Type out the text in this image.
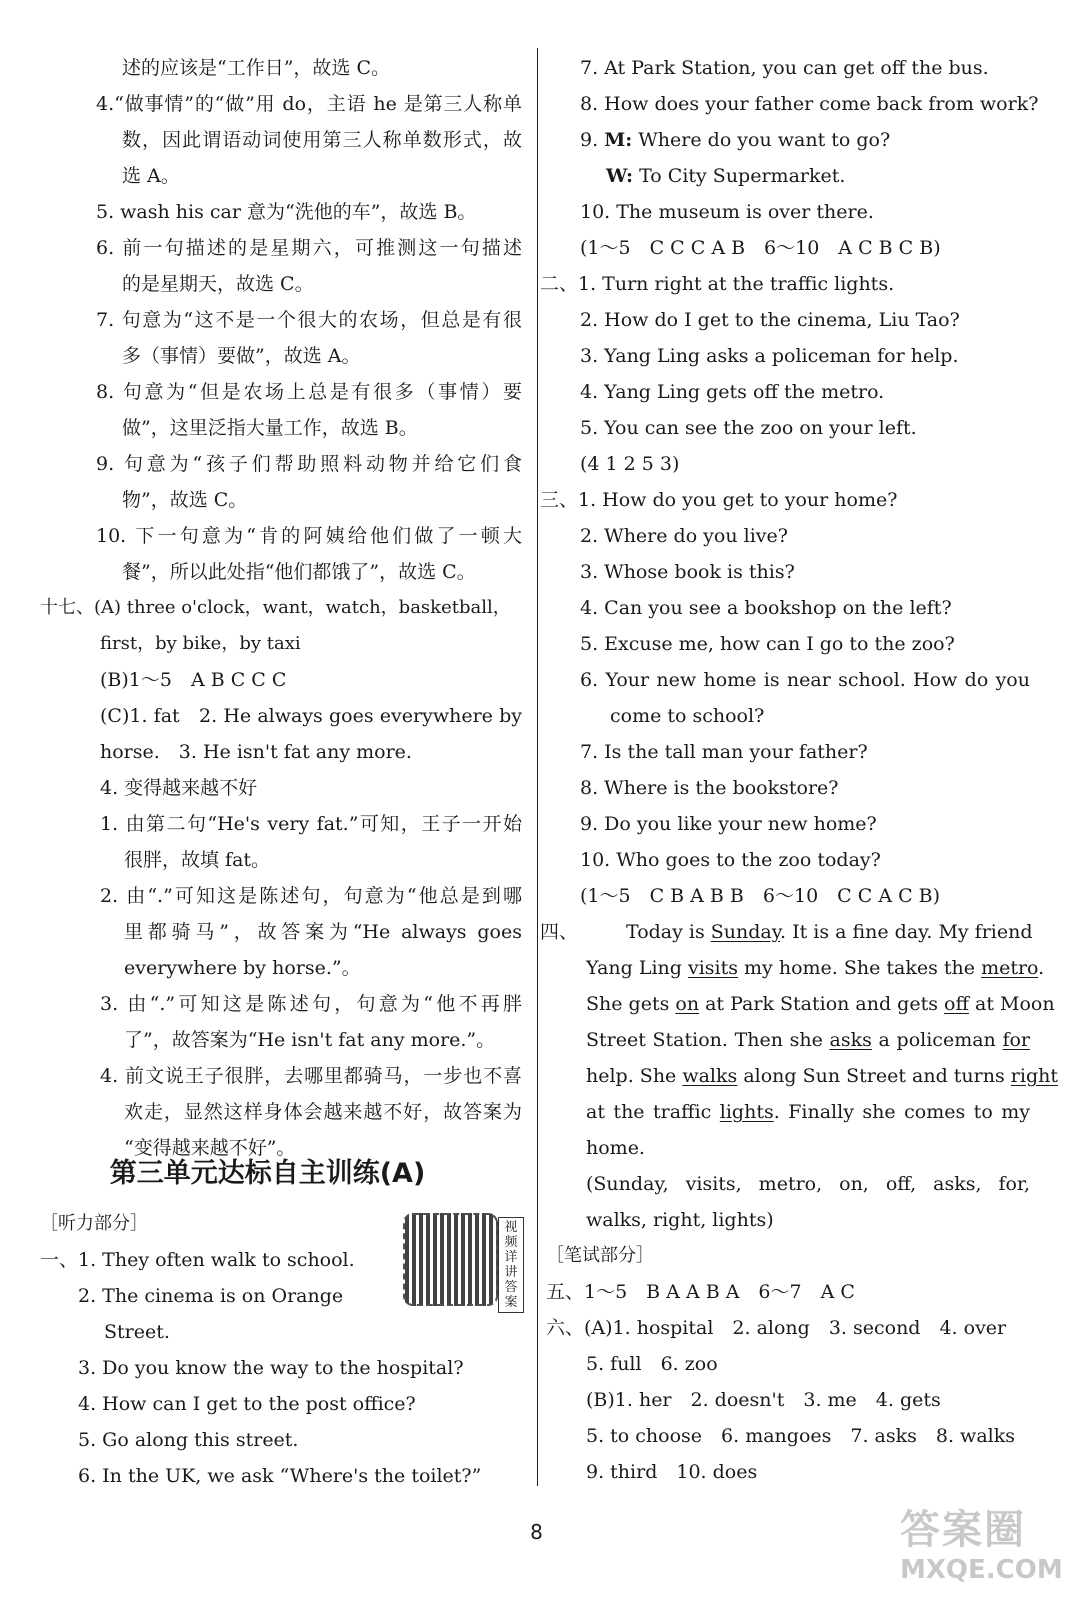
述的应该是“工作日”，故选 C。
4.“做事情”的“做”用 do，主语 he 是第三人称单
数，因此谓语动词使用第三人称单数形式，故
选 A。
5. wash his car 意为“洗他的车”，故选 B。
6. 前一句描述的是星期六，可推测这一句描述
的是星期天，故选 C。
7. 句意为“这不是一个很大的农场，但总是有很
多（事情）要做”，故选 A。
8. 句意为“但是农场上总是有很多（事情）要
做”，这里泛指大量工作，故选 B。
9. 句意为“孩子们帮助照料动物并给它们食
物”，故选 C。
10. 下一句意为“肯的阿姨给他们做了一顿大
餐”，所以此处指“他们都饿了”，故选 C。
十七、(A) three o'clock，want，watch，basketball，
first，by bike，by taxi
(B)1～5　A B C C C
(C)1. fat　2. He always goes everywhere by
horse.　3. He isn't fat any more.
4. 变得越来越不好
1. 由第二句“He's very fat.”可知，王子一开始
很胖，故填 fat。
2. 由“.”可知这是陈述句，句意为“他总是到哪
里都骑马”，故答案为“He always goes
everywhere by horse.”。
3. 由“.”可知这是陈述句，句意为“他不再胖
了”，故答案为“He isn't fat any more.”。
4. 前文说王子很胖，去哪里都骑马，一步也不喜
欢走，显然这样身体会越来越不好，故答案为
“变得越来越不好”。
第三单元达标自主训练(A)
［听力部分］	视频详讲答案
一、1. They often walk to school.
2. The cinema is on Orange
Street.
3. Do you know the way to the hospital?
4. How can I get to the post office?
5. Go along this street.
6. In the UK, we ask “Where's the toilet?”
7. At Park Station, you can get off the bus.
8. How does your father come back from work?
9. M: Where do you want to go?
W: To City Supermarket.
10. The museum is over there.
(1～5　C C C A B　6～10　A C B C B)
二、1. Turn right at the traffic lights.
2. How do I get to the cinema, Liu Tao?
3. Yang Ling asks a policeman for help.
4. Yang Ling gets off the metro.
5. You can see the zoo on your left.
(4 1 2 5 3)
三、1. How do you get to your home?
2. Where do you live?
3. Whose book is this?
4. Can you see a bookshop on the left?
5. Excuse me, how can I go to the zoo?
6. Your new home is near school. How do you
come to school?
7. Is the tall man your father?
8. Where is the bookstore?
9. Do you like your new home?
10. Who goes to the zoo today?
(1～5　C B A B B　6～10　C C A C B)
四、	Today is Sunday. It is a fine day. My friend
Yang Ling visits my home. She takes the metro.
She gets on at Park Station and gets off at Moon
Street Station. Then she asks a policeman for
help. She walks along Sun Street and turns right
at the traffic lights. Finally she comes to my
home.
(Sunday, visits, metro, on, off, asks, for,
walks, right, lights)
［笔试部分］
五、1～5　B A A B A　6～7　A C
六、(A)1. hospital　2. along　3. second　4. over
5. full　6. zoo
(B)1. her　2. doesn't　3. me　4. gets
5. to choose　6. mangoes　7. asks　8. walks
9. third　10. does
8	答案圈
MXQE.COM
